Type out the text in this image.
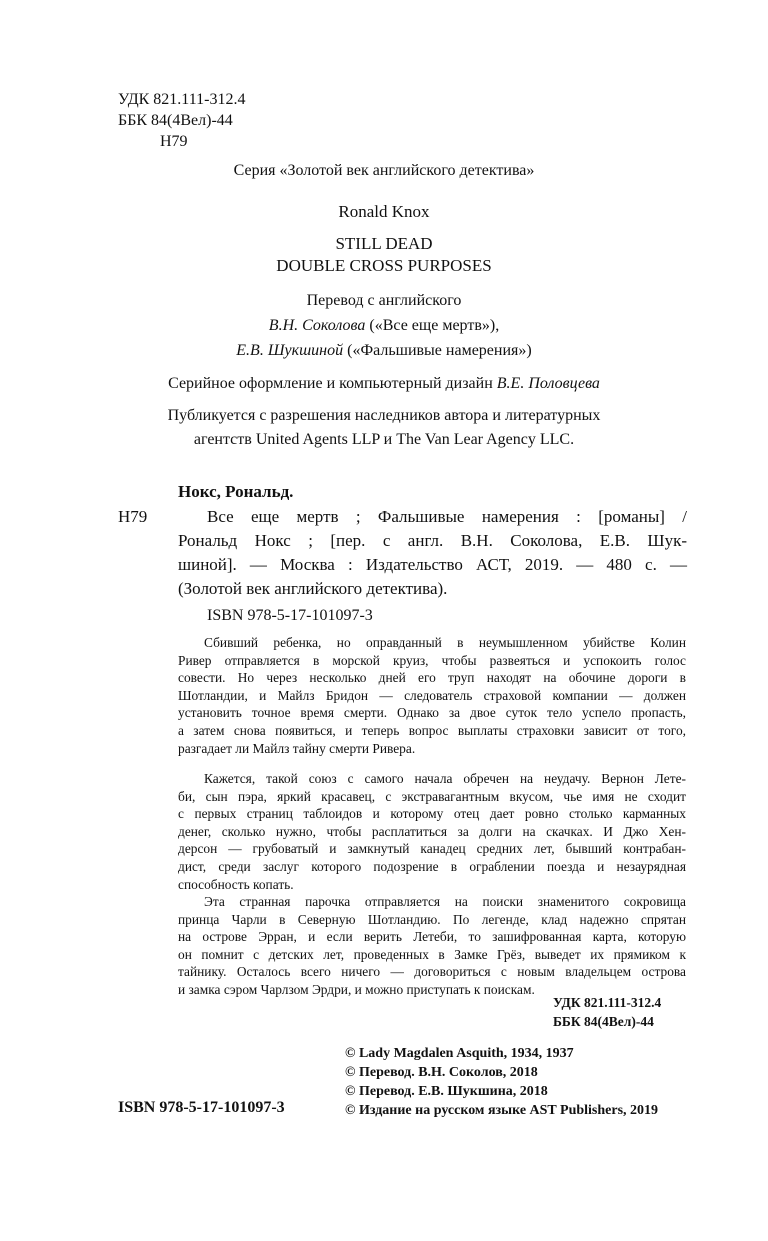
УДК 821.111-312.4
ББК 84(4Вел)-44
Н79
Серия «Золотой век английского детектива»
Ronald Knox
STILL DEAD
DOUBLE CROSS PURPOSES
Перевод с английского
В.Н. Соколова («Все еще мертв»),
Е.В. Шукшиной («Фальшивые намерения»)
Серийное оформление и компьютерный дизайн В.Е. Половцева
Публикуется с разрешения наследников автора и литературных
агентств United Agents LLP и The Van Lear Agency LLC.
Нокс, Рональд.
Н79	Все еще мертв ; Фальшивые намерения : [романы] /
Рональд Нокс ; [пер. с англ. В.Н. Соколова, Е.В. Шук-
шиной]. — Москва : Издательство АСТ, 2019. — 480 с. —
(Золотой век английского детектива).
ISBN 978-5-17-101097-3
Сбивший ребенка, но оправданный в неумышленном убийстве Колин
Ривер отправляется в морской круиз, чтобы развеяться и успокоить голос
совести. Но через несколько дней его труп находят на обочине дороги в
Шотландии, и Майлз Бридон — следователь страховой компании — должен
установить точное время смерти. Однако за двое суток тело успело пропасть,
а затем снова появиться, и теперь вопрос выплаты страховки зависит от того,
разгадает ли Майлз тайну смерти Ривера.
Кажется, такой союз с самого начала обречен на неудачу. Вернон Лете-
би, сын пэра, яркий красавец, с экстравагантным вкусом, чье имя не сходит
с первых страниц таблоидов и которому отец дает ровно столько карманных
денег, сколько нужно, чтобы расплатиться за долги на скачках. И Джо Хен-
дерсон — грубоватый и замкнутый канадец средних лет, бывший контрабан-
дист, среди заслуг которого подозрение в ограблении поезда и незаурядная
способность копать.
Эта странная парочка отправляется на поиски знаменитого сокровища
принца Чарли в Северную Шотландию. По легенде, клад надежно спрятан
на острове Эрран, и если верить Летеби, то зашифрованная карта, которую
он помнит с детских лет, проведенных в Замке Грёз, выведет их прямиком к
тайнику. Осталось всего ничего — договориться с новым владельцем острова
и замка сэром Чарлзом Эрдри, и можно приступать к поискам.
УДК 821.111-312.4
ББК 84(4Вел)-44
© Lady Magdalen Asquith, 1934, 1937
© Перевод. В.Н. Соколов, 2018
© Перевод. Е.В. Шукшина, 2018
© Издание на русском языке AST Publishers, 2019
ISBN 978-5-17-101097-3
